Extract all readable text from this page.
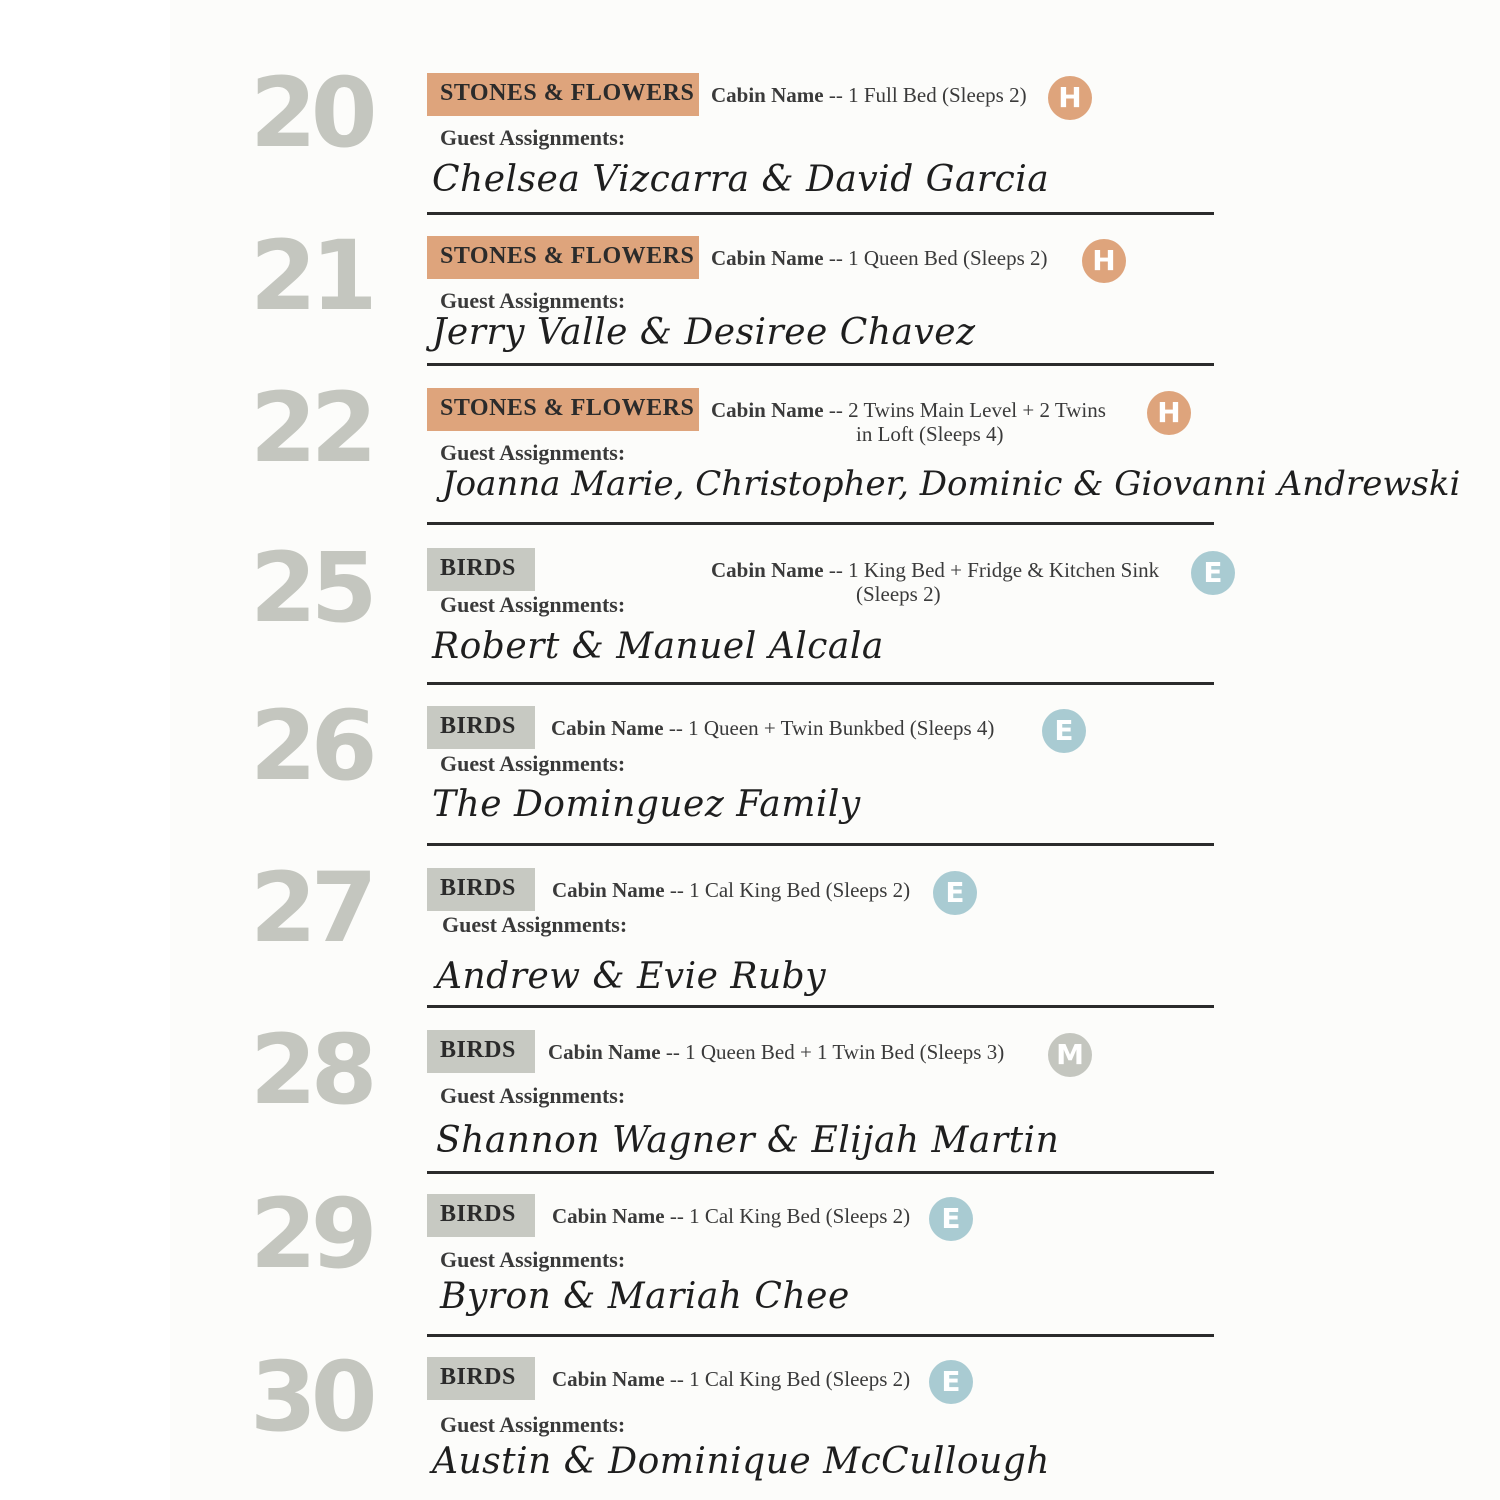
20	STONES & FLOWERS Cabin Name -- 1 Full Bed (Sleeps 2)	H
Guest Assignments:
Chelsea Vizcarra & David Garcia
21	STONES & FLOWERS Cabin Name -- 1 Queen Bed (Sleeps 2)	H
Guest Assignments:
Jerry Valle & Desiree Chavez
22	STONES & FLOWERS Cabin Name -- 2 Twins Main Level + 2 Twins
in Loft (Sleeps 4)
H
Guest Assignments:
Joanna Marie, Christopher, Dominic & Giovanni Andrewski
25	BIRDS	Cabin Name -- 1 King Bed + Fridge & Kitchen Sink
(Sleeps 2)
E
Guest Assignments:
Robert & Manuel Alcala
26	BIRDS	Cabin Name -- 1 Queen + Twin Bunkbed (Sleeps 4)	E
Guest Assignments:
The Dominguez Family
27	BIRDS	Cabin Name -- 1 Cal King Bed (Sleeps 2)	E
Guest Assignments:
Andrew & Evie Ruby
28	BIRDS	Cabin Name -- 1 Queen Bed + 1 Twin Bed (Sleeps 3) M
Guest Assignments:
Shannon Wagner & Elijah Martin
29	BIRDS	Cabin Name -- 1 Cal King Bed (Sleeps 2)	E
Guest Assignments:
Byron & Mariah Chee
30	BIRDS	Cabin Name -- 1 Cal King Bed (Sleeps 2)	E
Guest Assignments:
Austin & Dominique McCullough
